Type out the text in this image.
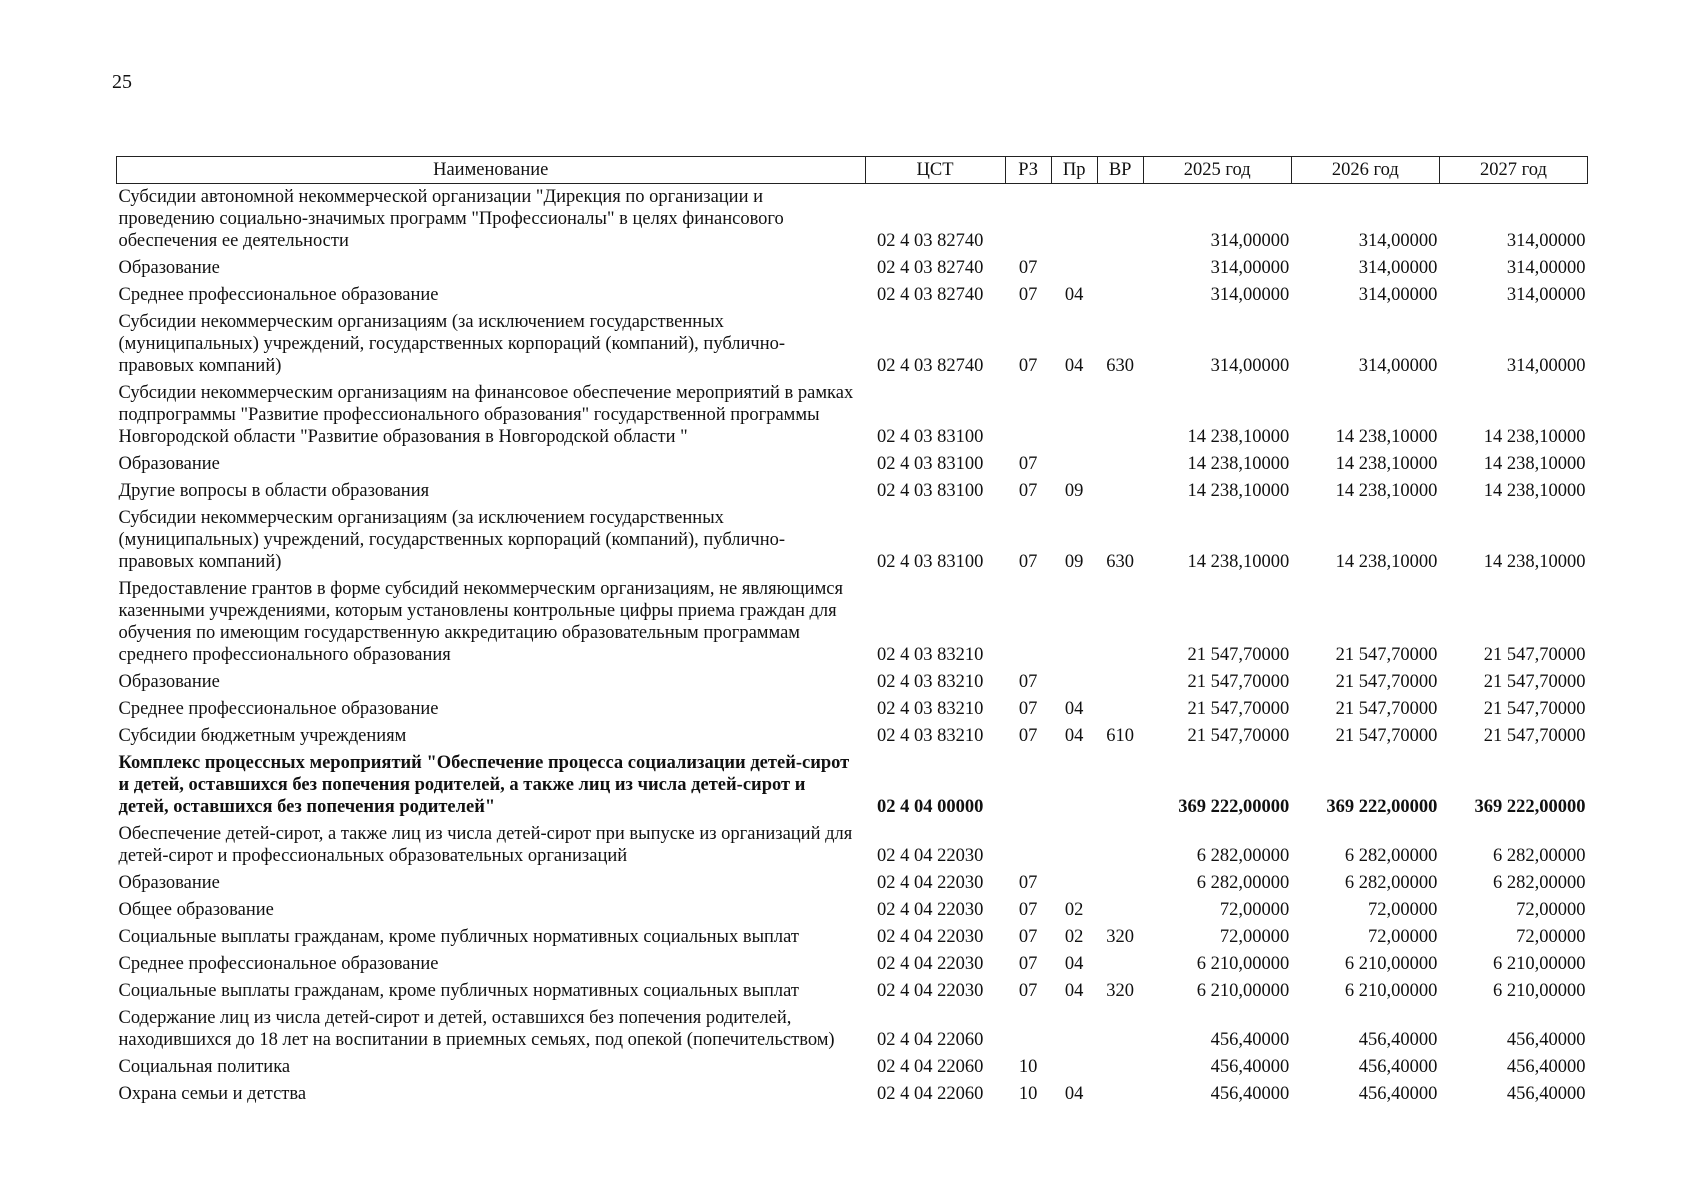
25
Наименование	ЦСТ	РЗ	Пр	ВР	2025 год	2026 год	2027 год
Субсидии автономной некоммерческой организации "Дирекция по организации и проведению социально-значимых программ "Профессионалы" в целях финансового обеспечения ее деятельности	02 4 03 82740				314,00000	314,00000	314,00000
Образование	02 4 03 82740	07			314,00000	314,00000	314,00000
Среднее профессиональное образование	02 4 03 82740	07	04		314,00000	314,00000	314,00000
Субсидии некоммерческим организациям (за исключением государственных (муниципальных) учреждений, государственных корпораций (компаний), публично-правовых компаний)	02 4 03 82740	07	04	630	314,00000	314,00000	314,00000
Субсидии некоммерческим организациям на финансовое обеспечение мероприятий в рамках подпрограммы "Развитие профессионального образования" государственной программы Новгородской области "Развитие образования в Новгородской области "	02 4 03 83100				14 238,10000	14 238,10000	14 238,10000
Образование	02 4 03 83100	07			14 238,10000	14 238,10000	14 238,10000
Другие вопросы в области образования	02 4 03 83100	07	09		14 238,10000	14 238,10000	14 238,10000
Субсидии некоммерческим организациям (за исключением государственных (муниципальных) учреждений, государственных корпораций (компаний), публично-правовых компаний)	02 4 03 83100	07	09	630	14 238,10000	14 238,10000	14 238,10000
Предоставление грантов в форме субсидий некоммерческим организациям, не являющимся казенными учреждениями, которым установлены контрольные цифры приема граждан для обучения по имеющим государственную аккредитацию образовательным программам среднего профессионального образования	02 4 03 83210				21 547,70000	21 547,70000	21 547,70000
Образование	02 4 03 83210	07			21 547,70000	21 547,70000	21 547,70000
Среднее профессиональное образование	02 4 03 83210	07	04		21 547,70000	21 547,70000	21 547,70000
Субсидии бюджетным учреждениям	02 4 03 83210	07	04	610	21 547,70000	21 547,70000	21 547,70000
Комплекс процессных мероприятий "Обеспечение процесса социализации детей-сирот и детей, оставшихся без попечения родителей, а также лиц из числа детей-сирот и детей, оставшихся без попечения родителей"	02 4 04 00000				369 222,00000	369 222,00000	369 222,00000
Обеспечение детей-сирот, а также лиц из числа детей-сирот при выпуске из организаций для детей-сирот и профессиональных образовательных организаций	02 4 04 22030				6 282,00000	6 282,00000	6 282,00000
Образование	02 4 04 22030	07			6 282,00000	6 282,00000	6 282,00000
Общее образование	02 4 04 22030	07	02		72,00000	72,00000	72,00000
Социальные выплаты гражданам, кроме публичных нормативных социальных выплат	02 4 04 22030	07	02	320	72,00000	72,00000	72,00000
Среднее профессиональное образование	02 4 04 22030	07	04		6 210,00000	6 210,00000	6 210,00000
Социальные выплаты гражданам, кроме публичных нормативных социальных выплат	02 4 04 22030	07	04	320	6 210,00000	6 210,00000	6 210,00000
Содержание лиц из числа детей-сирот и детей, оставшихся без попечения родителей, находившихся до 18 лет на воспитании в приемных семьях, под опекой (попечительством)	02 4 04 22060				456,40000	456,40000	456,40000
Социальная политика	02 4 04 22060	10			456,40000	456,40000	456,40000
Охрана семьи и детства	02 4 04 22060	10	04		456,40000	456,40000	456,40000
